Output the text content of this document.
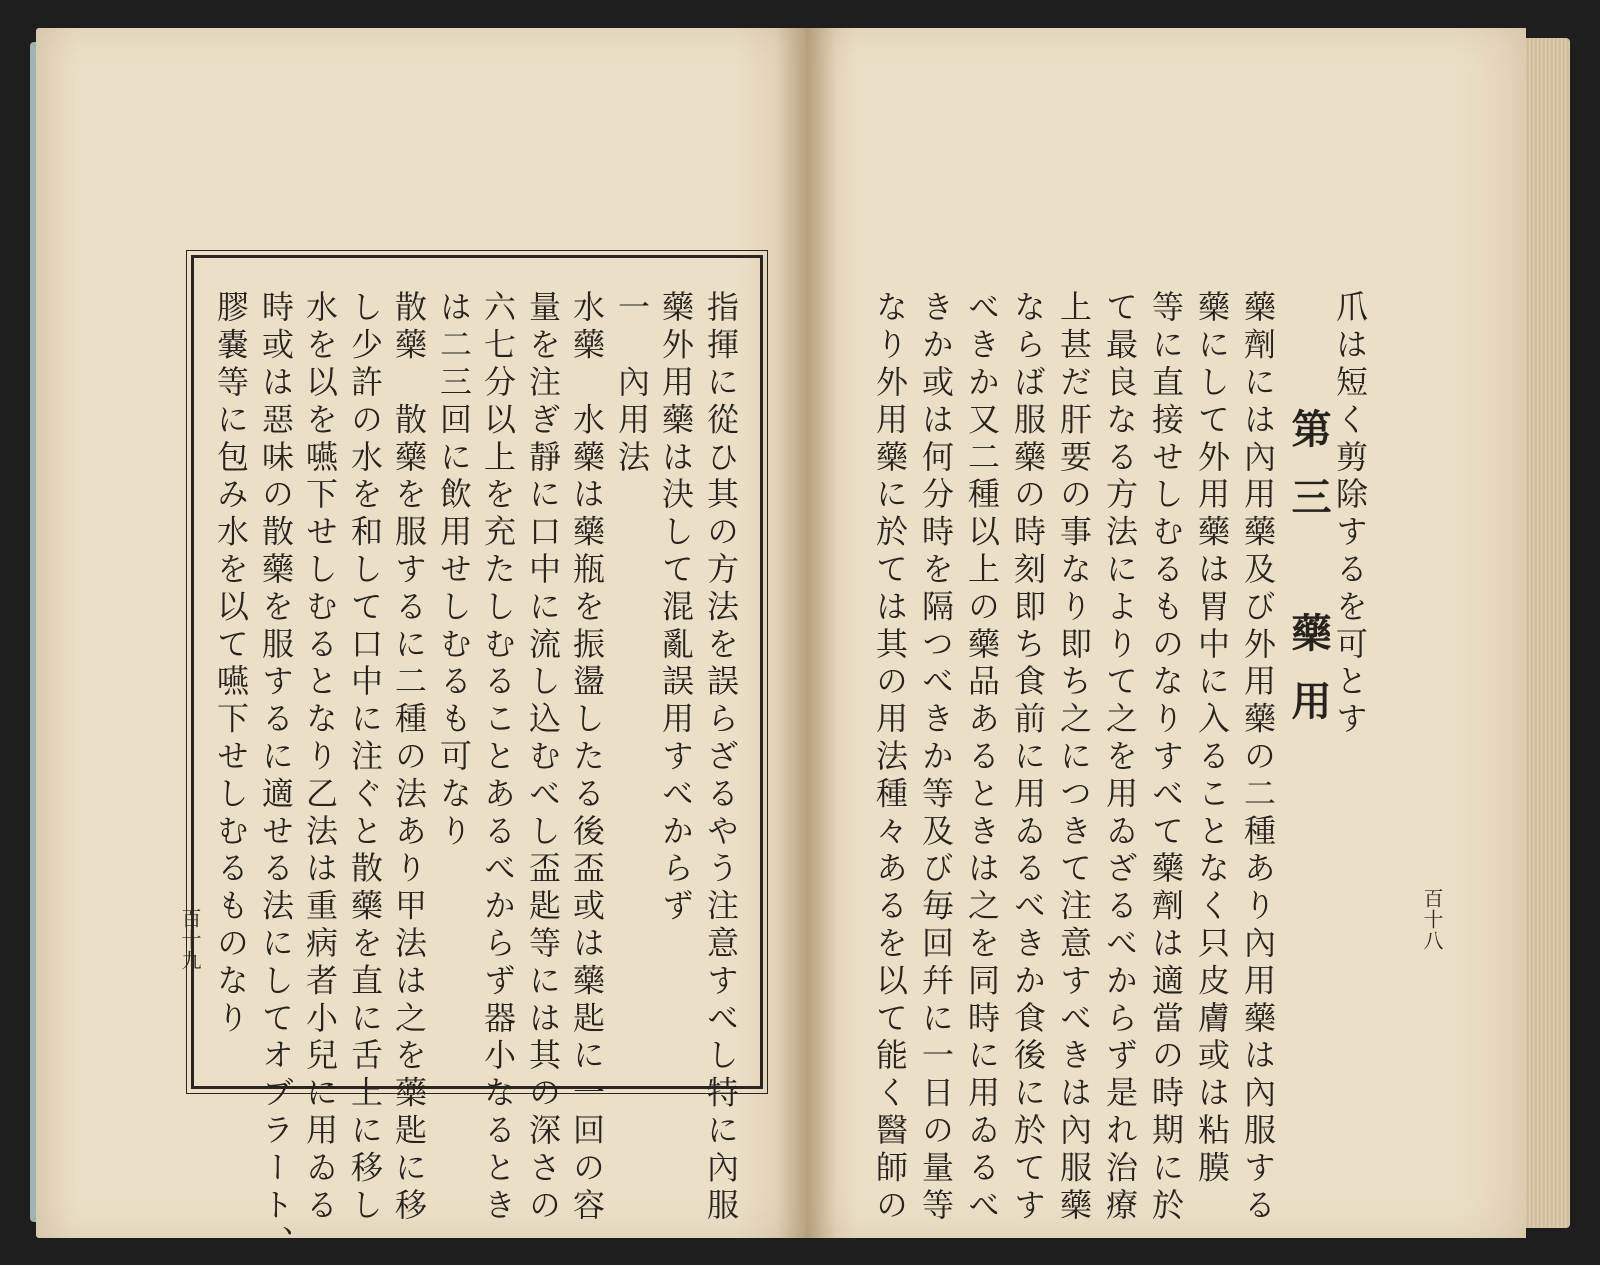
百十九	指揮に從ひ其の方法を誤らざるやう注意すべし特に內服
藥外用藥は決して混亂誤用すべからず
一　內用法
水藥　水藥は藥瓶を振盪したる後盃或は藥匙に一回の容
量を注ぎ靜に口中に流し込むべし盃匙等には其の深さの
六七分以上を充たしむることあるべからず器小なるとき
は二三回に飲用せしむるも可なり
散藥　散藥を服するに二種の法あり甲法は之を藥匙に移
し少許の水を和して口中に注ぐと散藥を直に舌上に移し
水を以を嚥下せしむるとなり乙法は重病者小兒に用ゐる
時或は惡味の散藥を服するに適せる法にしてオブラート、
膠嚢等に包み水を以て嚥下せしむるものなり	百十八
爪は短く剪除するを可とす
第三　藥用
藥劑には內用藥及び外用藥の二種あり內用藥は內服する
藥にして外用藥は胃中に入ることなく只皮膚或は粘膜
等に直接せしむるものなりすべて藥劑は適當の時期に於
て最良なる方法によりて之を用ゐざるべからず是れ治療
上甚だ肝要の事なり即ち之につきて注意すべきは內服藥
ならば服藥の時刻即ち食前に用ゐるべきか食後に於てす
べきか又二種以上の藥品あるときは之を同時に用ゐるべ
きか或は何分時を隔つべきか等及び毎回幷に一日の量等
なり外用藥に於ては其の用法種々あるを以て能く醫師の
